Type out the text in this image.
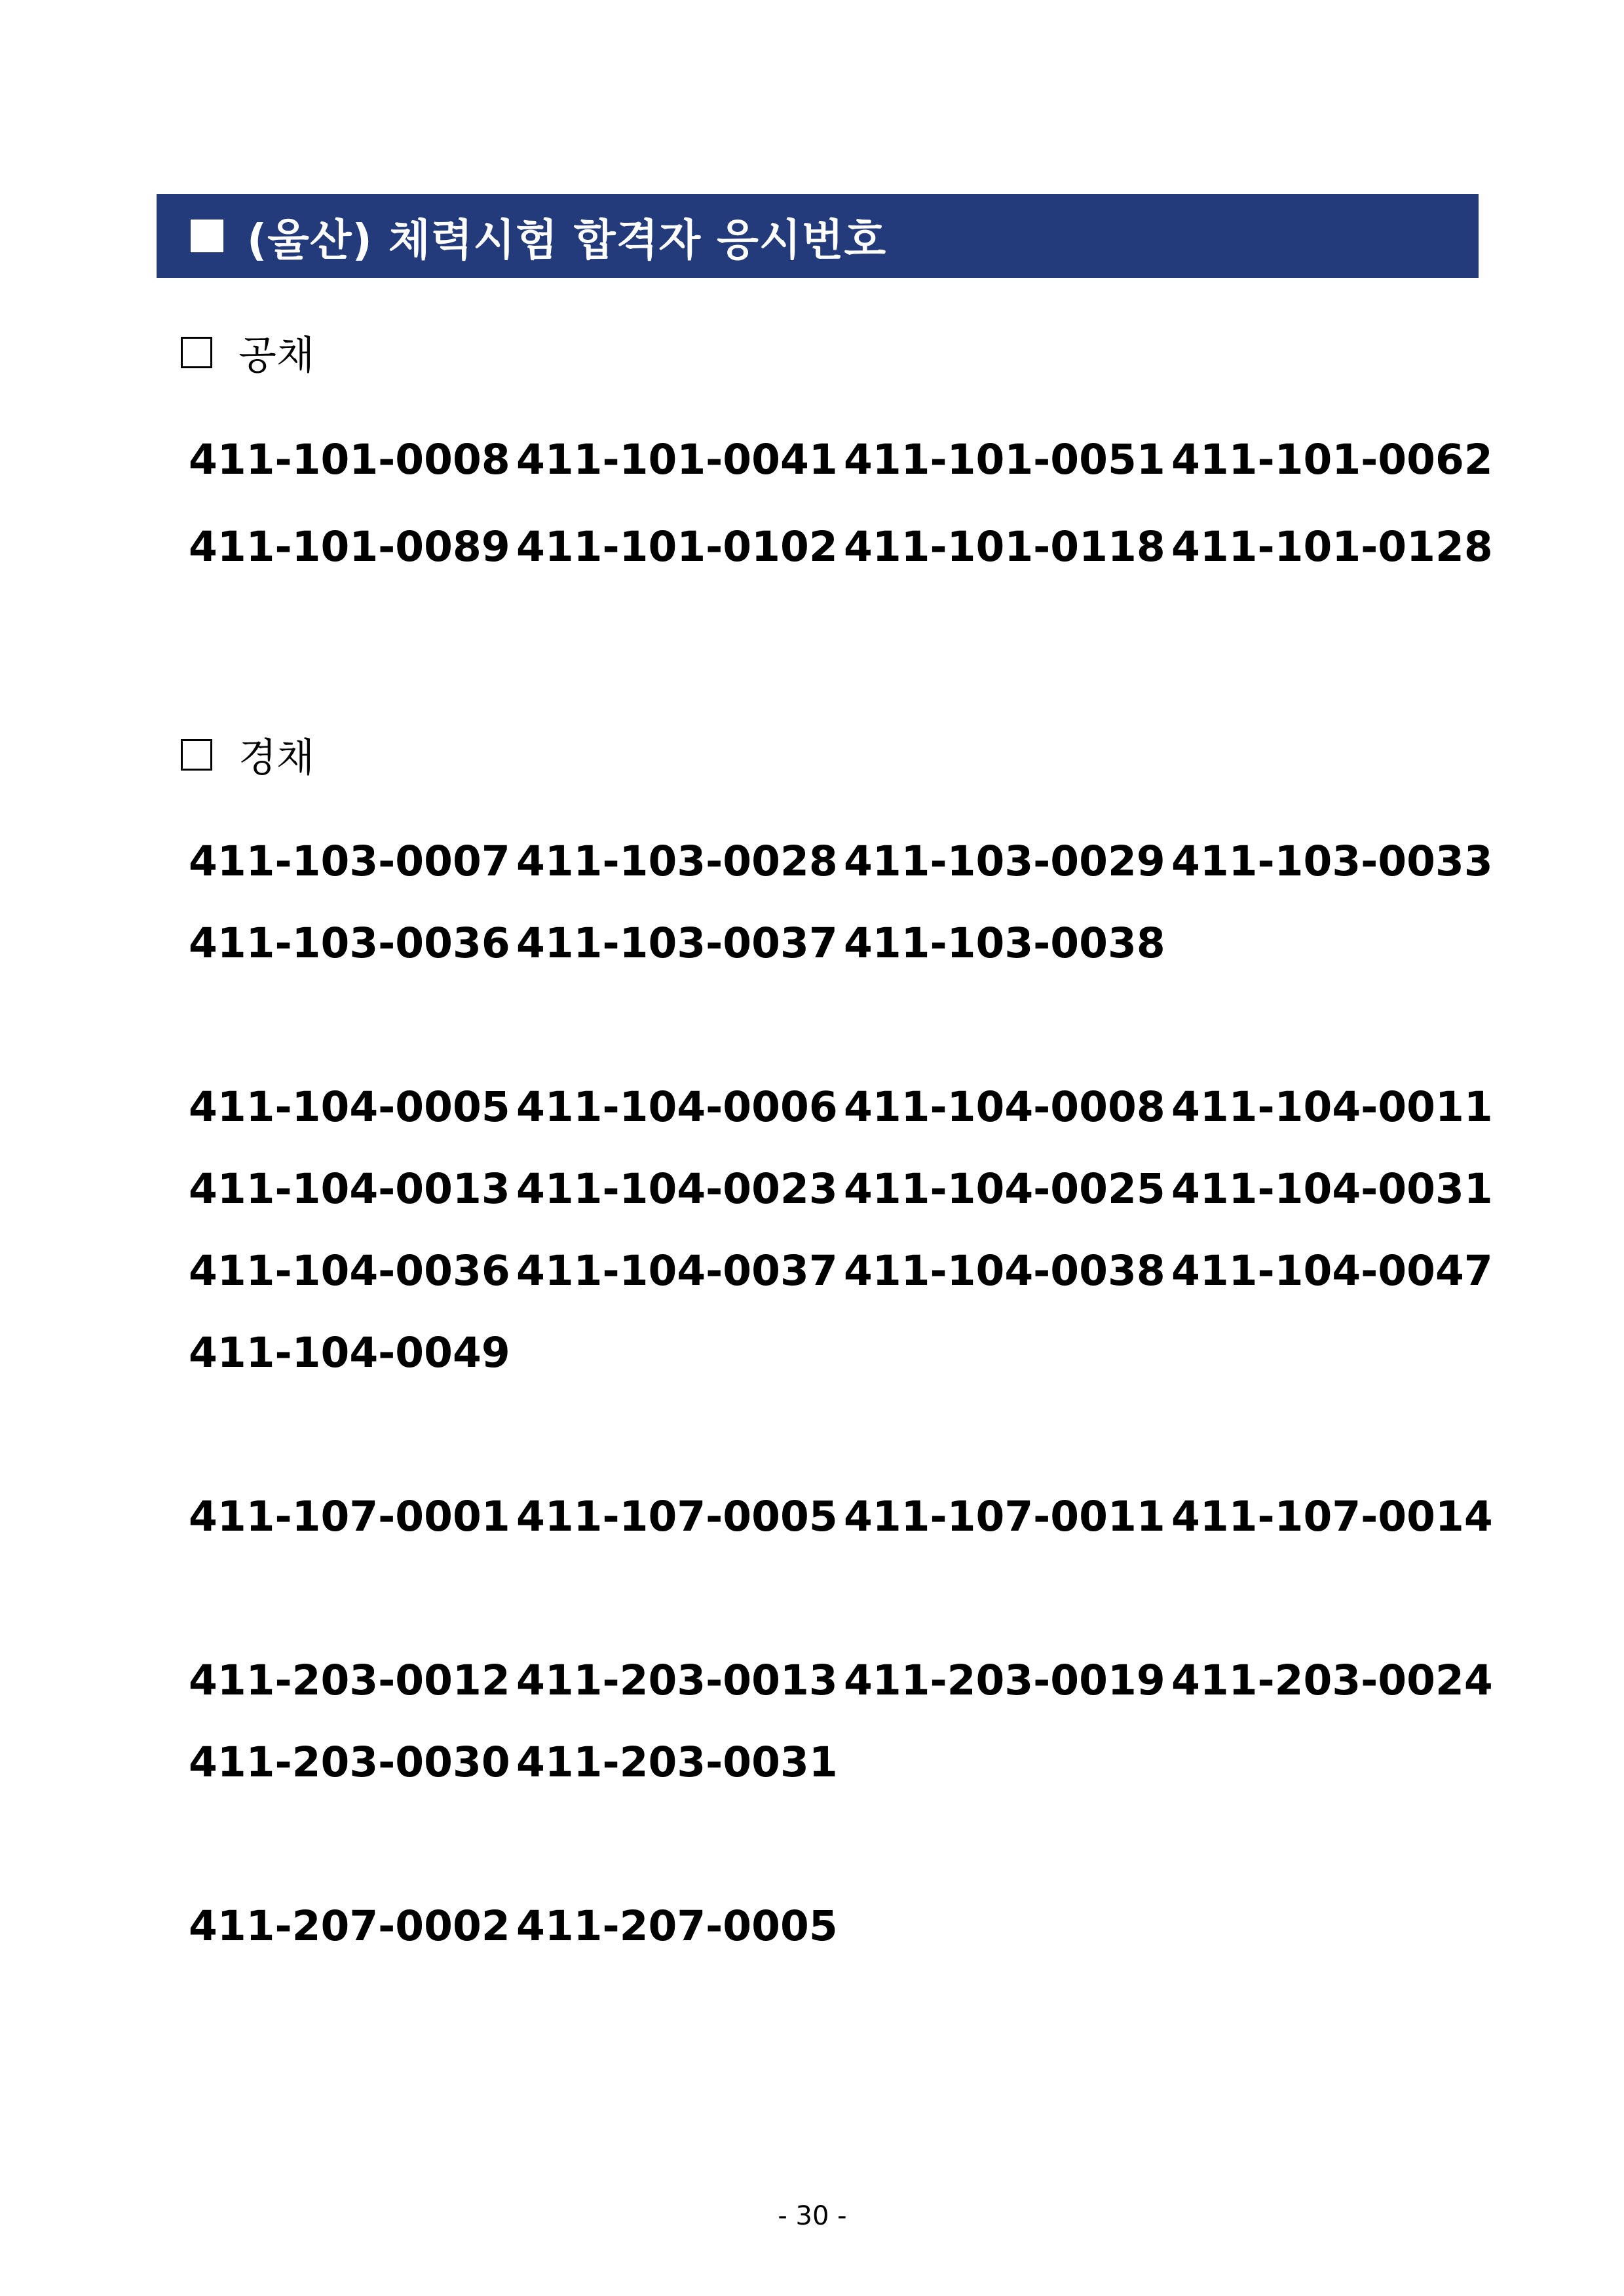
(울산) 체력시험 합격자 응시번호
공채
경채
411-101-0008 411-101-0041 411-101-0051 411-101-0062
411-101-0089 411-101-0102 411-101-0118 411-101-0128
411-103-0007 411-103-0028 411-103-0029 411-103-0033
411-103-0036 411-103-0037 411-103-0038
411-104-0005 411-104-0006 411-104-0008 411-104-0011
411-104-0013 411-104-0023 411-104-0025 411-104-0031
411-104-0036 411-104-0037 411-104-0038 411-104-0047
411-104-0049
411-107-0001 411-107-0005 411-107-0011 411-107-0014
411-203-0012 411-203-0013 411-203-0019 411-203-0024
411-203-0030 411-203-0031
411-207-0002 411-207-0005
- 30 -
